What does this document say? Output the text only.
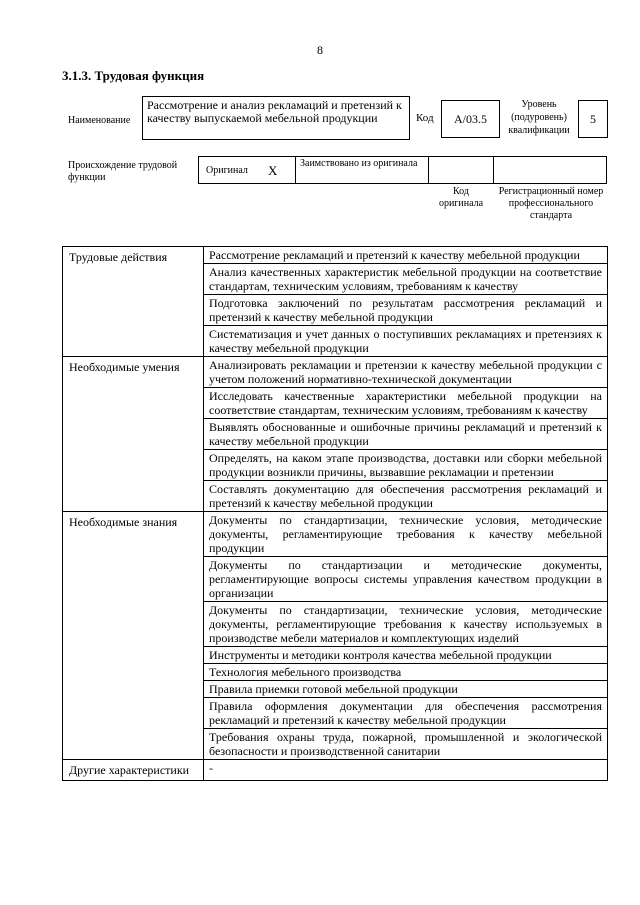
8
3.1.3. Трудовая функция
Наименование
Рассмотрение и анализ рекламаций и претензий к качеству выпускаемой мебельной продукции	Код	A/03.5
Уровень (подуровень) квалификации
5
Происхождение трудовой функции
Оригинал X	Заимствовано из оригинала
Код оригинала
Регистрационный номер профессионального стандарта
Трудовые действия	Рассмотрение рекламаций и претензий к качеству мебельной продукции
	Анализ качественных характеристик мебельной продукции на соответствие стандартам, техническим условиям, требованиям к качеству
	Подготовка заключений по результатам рассмотрения рекламаций и претензий к качеству мебельной продукции
	Систематизация и учет данных о поступивших рекламациях и претензиях к качеству мебельной продукции
Необходимые умения	Анализировать рекламации и претензии к качеству мебельной продукции с учетом положений нормативно-технической документации
	Исследовать качественные характеристики мебельной продукции на соответствие стандартам, техническим условиям, требованиям к качеству
	Выявлять обоснованные и ошибочные причины рекламаций и претензий к качеству мебельной продукции
	Определять, на каком этапе производства, доставки или сборки мебельной продукции возникли причины, вызвавшие рекламации и претензии
	Составлять документацию для обеспечения рассмотрения рекламаций и претензий к качеству мебельной продукции
Необходимые знания	Документы по стандартизации, технические условия, методические документы, регламентирующие требования к качеству мебельной продукции
	Документы по стандартизации и методические документы, регламентирующие вопросы системы управления качеством продукции в организации
	Документы по стандартизации, технические условия, методические документы, регламентирующие требования к качеству используемых в производстве мебели материалов и комплектующих изделий
	Инструменты и методики контроля качества мебельной продукции
	Технология мебельного производства
	Правила приемки готовой мебельной продукции
	Правила оформления документации для обеспечения рассмотрения рекламаций и претензий к качеству мебельной продукции
	Требования охраны труда, пожарной, промышленной и экологической безопасности и производственной санитарии
Другие характеристики	-
